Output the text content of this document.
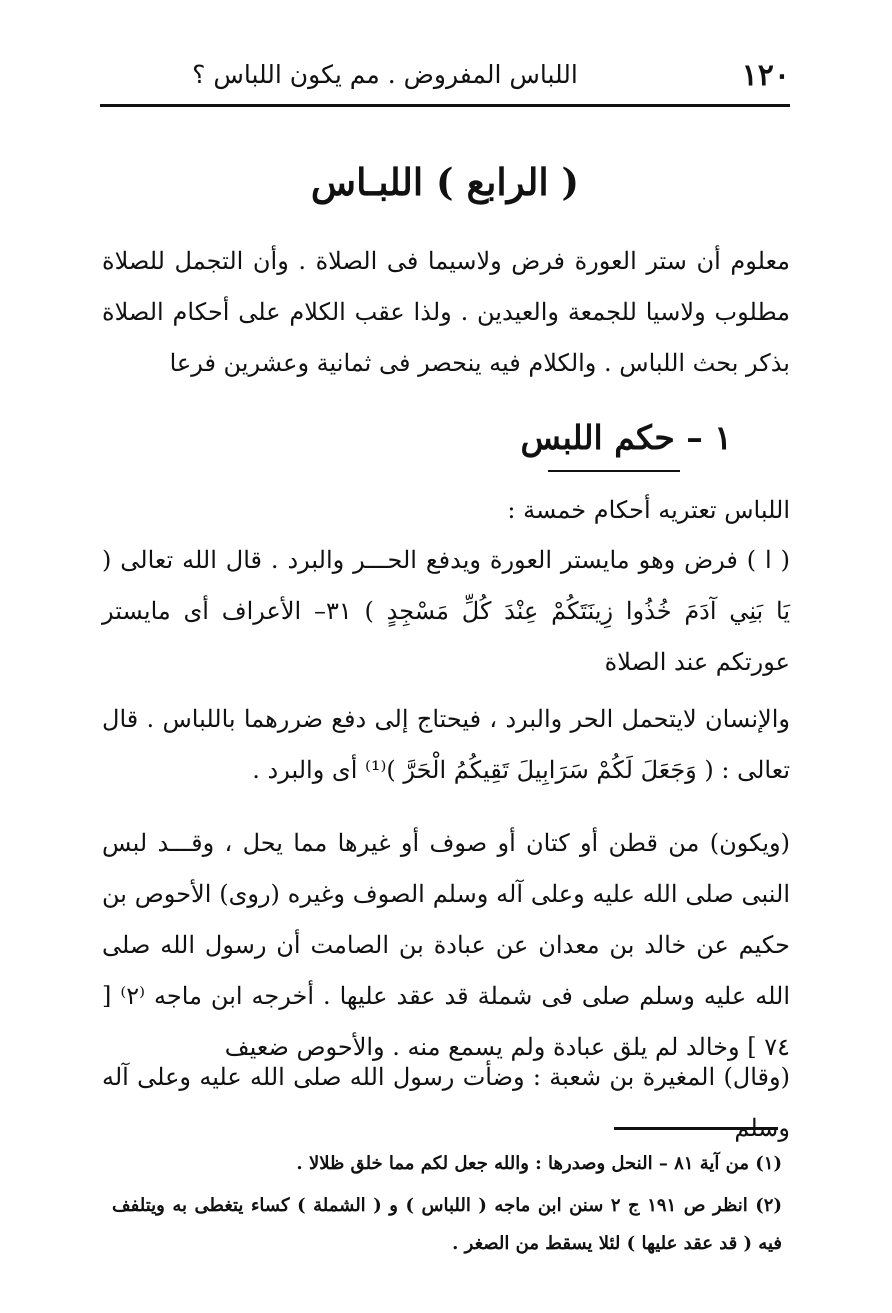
١٢٠
اللباس المفروض . مم يكون اللباس ؟
( الرابع ) اللبـاس
معلوم أن ستر العورة فرض ولاسيما فى الصلاة . وأن التجمل للصلاة مطلوب ولاسيا للجمعة والعيدين . ولذا عقب الكلام على أحكام الصلاة بذكر بحث اللباس . والكلام فيه ينحصر فى ثمانية وعشرين فرعا
١ – حكم اللبس
اللباس تعتريه أحكام خمسة :
( ا ) فرض وهو مايستر العورة ويدفع الحـــر والبرد . قال الله تعالى ( يَا بَنِي آدَمَ خُذُوا زِينَتَكُمْ عِنْدَ كُلِّ مَسْجِدٍ ) ٣١– الأعراف أى مايستر عورتكم عند الصلاة
والإنسان لايتحمل الحر والبرد ، فيحتاج إلى دفع ضررهما باللباس . قال تعالى : ( وَجَعَلَ لَكُمْ سَرَابِيلَ تَقِيكُمُ الْحَرَّ )⁽¹⁾ أى والبرد .
(ويكون) من قطن أو كتان أو صوف أو غيرها مما يحل ، وقـــد لبس النبى صلى الله عليه وعلى آله وسلم الصوف وغيره (روى) الأحوص بن حكيم عن خالد بن معدان عن عبادة بن الصامت أن رسول الله صلى الله عليه وسلم صلى فى شملة قد عقد عليها . أخرجه ابن ماجه ⁽٢⁾ [ ٧٤ ] وخالد لم يلق عبادة ولم يسمع منه . والأحوص ضعيف
(وقال) المغيرة بن شعبة : وضأت رسول الله صلى الله عليه وعلى آله وسلم
(١) من آية ٨١ – النحل وصدرها : والله جعل لكم مما خلق ظلالا .
(٢) انظر ص ١٩١ ج ٢ سنن ابن ماجه ( اللباس ) و ( الشملة ) كساء يتغطى به ويتلفف فيه ( قد عقد عليها ) لئلا يسقط من الصغر .
